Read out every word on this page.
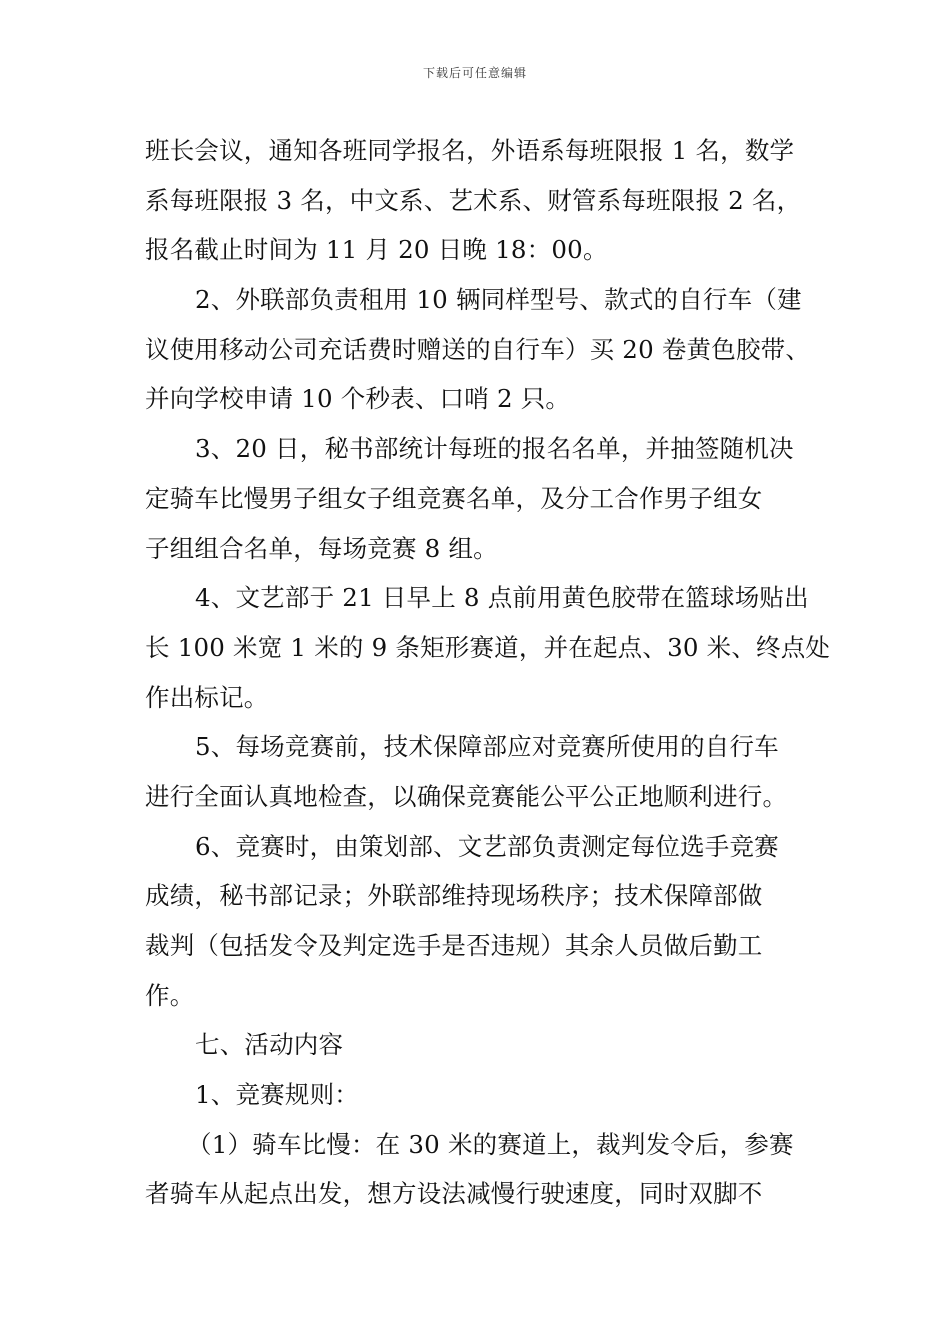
下载后可任意编辑
班长会议，通知各班同学报名，外语系每班限报 1 名，数学
系每班限报 3 名，中文系、艺术系、财管系每班限报 2 名，
报名截止时间为 11 月 20 日晚 18：00。
2、外联部负责租用 10 辆同样型号、款式的自行车（建
议使用移动公司充话费时赠送的自行车）买 20 卷黄色胶带、
并向学校申请 10 个秒表、口哨 2 只。
3、20 日，秘书部统计每班的报名名单，并抽签随机决
定骑车比慢男子组女子组竞赛名单，及分工合作男子组女
子组组合名单，每场竞赛 8 组。
4、文艺部于 21 日早上 8 点前用黄色胶带在篮球场贴出
长 100 米宽 1 米的 9 条矩形赛道，并在起点、30 米、终点处
作出标记。
5、每场竞赛前，技术保障部应对竞赛所使用的自行车
进行全面认真地检查，以确保竞赛能公平公正地顺利进行。
6、竞赛时，由策划部、文艺部负责测定每位选手竞赛
成绩，秘书部记录；外联部维持现场秩序；技术保障部做
裁判（包括发令及判定选手是否违规）其余人员做后勤工
作。
七、活动内容
1、竞赛规则：
（1）骑车比慢：在 30 米的赛道上，裁判发令后，参赛
者骑车从起点出发，想方设法减慢行驶速度，同时双脚不
